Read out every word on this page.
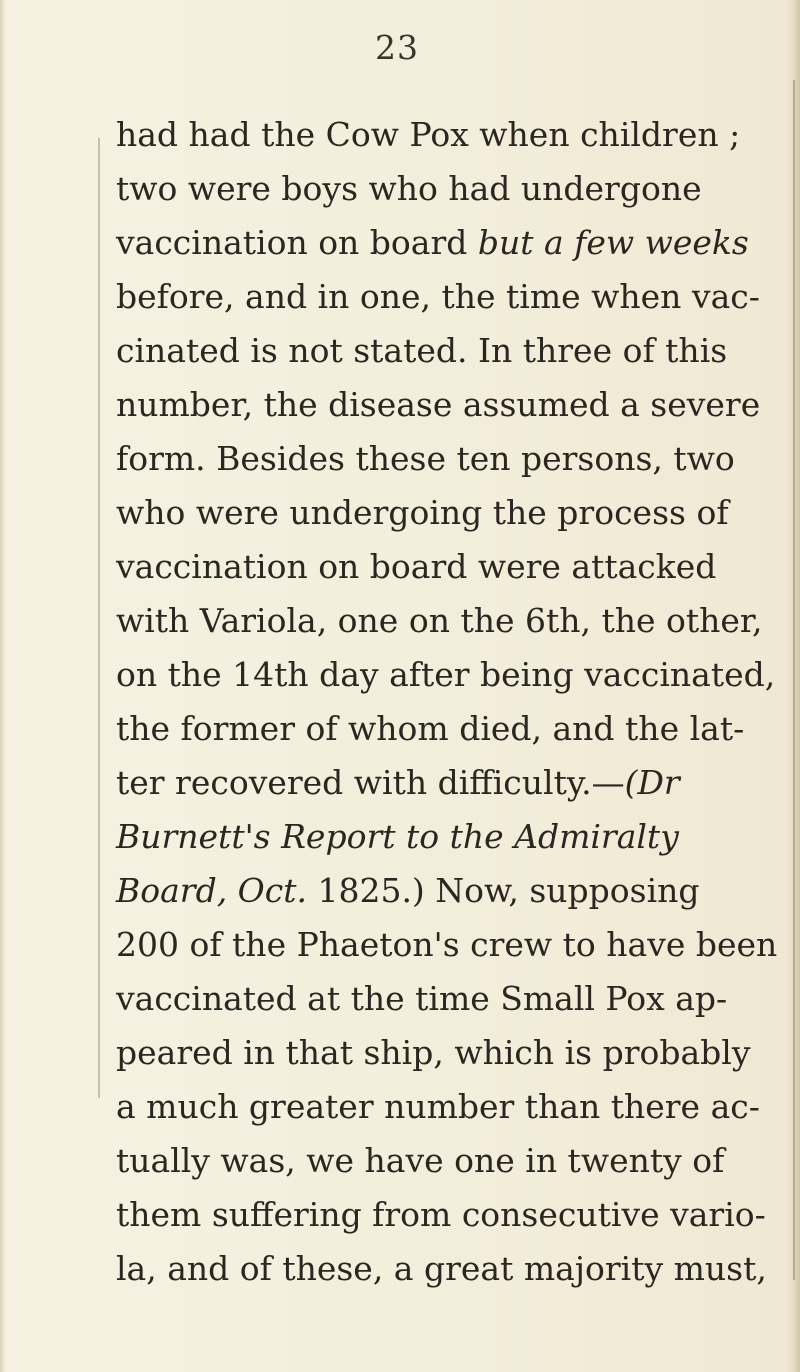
23
had had the Cow Pox when children ;
two were boys who had undergone
vaccination on board but a few weeks
before, and in one, the time when vac-
cinated is not stated. In three of this
number, the disease assumed a severe
form. Besides these ten persons, two
who were undergoing the process of
vaccination on board were attacked
with Variola, one on the 6th, the other,
on the 14th day after being vaccinated,
the former of whom died, and the lat-
ter recovered with difficulty.—(Dr
Burnett's Report to the Admiralty
Board, Oct. 1825.) Now, supposing
200 of the Phaeton's crew to have been
vaccinated at the time Small Pox ap-
peared in that ship, which is probably
a much greater number than there ac-
tually was, we have one in twenty of
them suffering from consecutive vario-
la, and of these, a great majority must,
